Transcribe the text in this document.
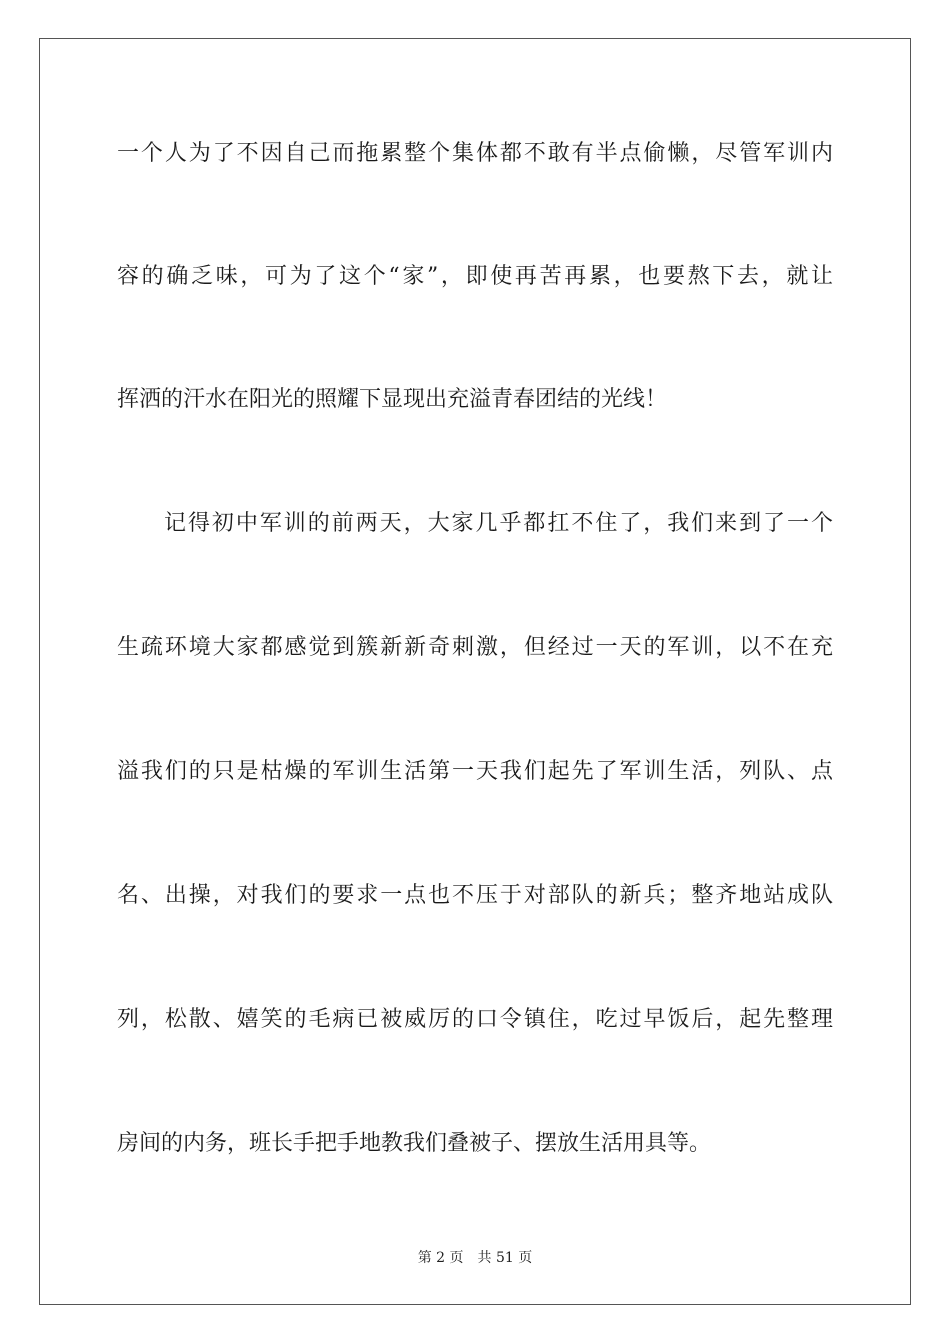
一个人为了不因自己而拖累整个集体都不敢有半点偷懒，尽管军训内
容的确乏味，可为了这个“家”，即使再苦再累，也要熬下去，就让
挥洒的汗水在阳光的照耀下显现出充溢青春团结的光线！
记得初中军训的前两天，大家几乎都扛不住了，我们来到了一个
生疏环境大家都感觉到簇新新奇刺激，但经过一天的军训，以不在充
溢我们的只是枯燥的军训生活第一天我们起先了军训生活，列队、点
名、出操，对我们的要求一点也不压于对部队的新兵；整齐地站成队
列，松散、嬉笑的毛病已被威厉的口令镇住，吃过早饭后，起先整理
房间的内务，班长手把手地教我们叠被子、摆放生活用具等。
第 2 页 共 51 页
